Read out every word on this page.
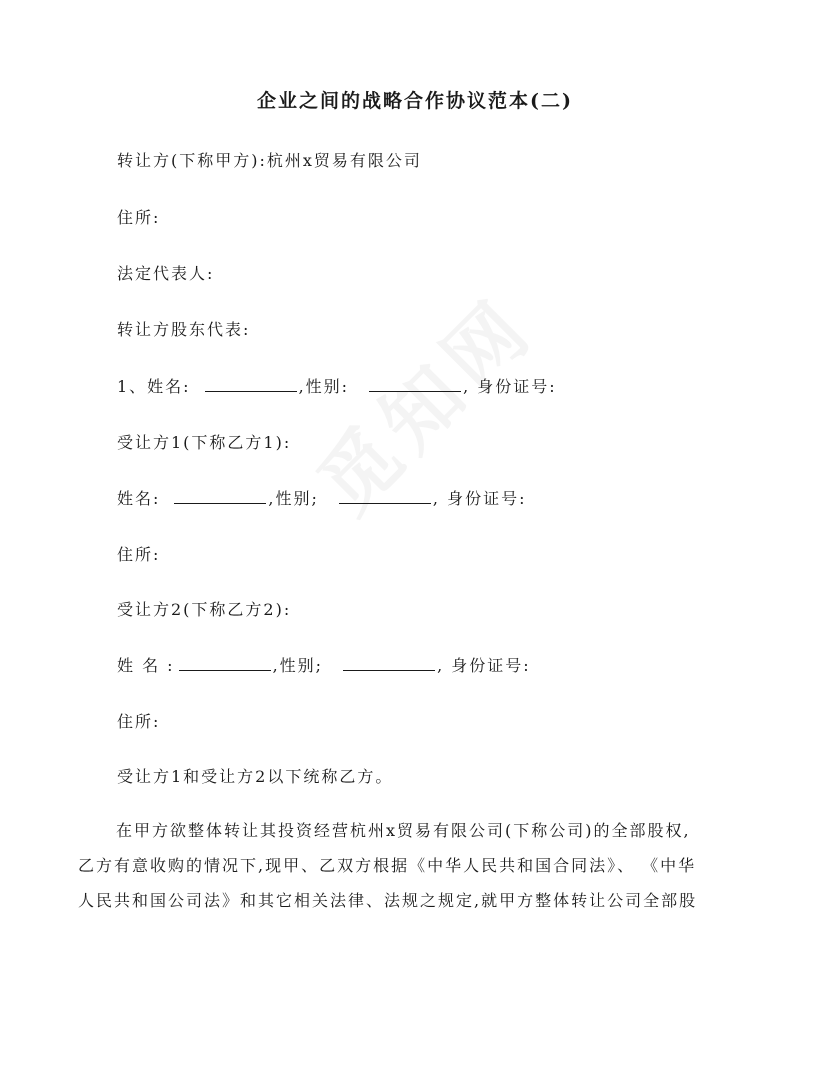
企业之间的战略合作协议范本(二)
转让方(下称甲方):杭州x贸易有限公司
住所:
法定代表人:
转让方股东代表:
1、姓名:	,性别:	, 身份证号:
受让方1(下称乙方1):
姓名:	,性别;	, 身份证号:
住所:
受让方2(下称乙方2):
姓 名 :	,性别;	, 身份证号:
住所:
受让方1和受让方2以下统称乙方。
在甲方欲整体转让其投资经营杭州x贸易有限公司(下称公司)的全部股权,
乙方有意收购的情况下,现甲、乙双方根据《中华人民共和国合同法》、 《中华
人民共和国公司法》和其它相关法律、法规之规定,就甲方整体转让公司全部股
